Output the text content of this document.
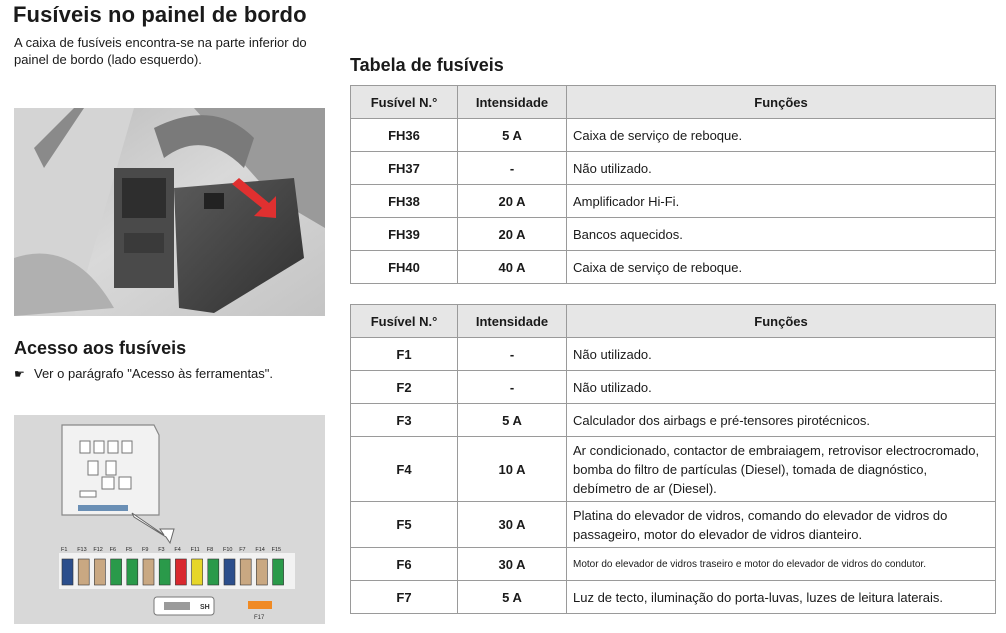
Fusíveis no painel de bordo
A caixa de fusíveis encontra-se na parte inferior do painel de bordo (lado esquerdo).
Acesso aos fusíveis
☛ Ver o parágrafo "Acesso às ferramentas".
F1 F13 F12 F6 F5 F9 F3 F4 F11 F8 F10 F7 F14 F15
SH
F17
Tabela de fusíveis
Fusível N.°	Intensidade	Funções
FH36	5 A	Caixa de serviço de reboque.
FH37	-	Não utilizado.
FH38	20 A	Amplificador Hi-Fi.
FH39	20 A	Bancos aquecidos.
FH40	40 A	Caixa de serviço de reboque.
Fusível N.°	Intensidade	Funções
F1	-	Não utilizado.
F2	-	Não utilizado.
F3	5 A	Calculador dos airbags e pré-tensores pirotécnicos.
F4	10 A	Ar condicionado, contactor de embraiagem, retrovisor electrocromado, bomba do filtro de partículas (Diesel), tomada de diagnóstico, debímetro de ar (Diesel).
F5	30 A	Platina do elevador de vidros, comando do elevador de vidros do passageiro, motor do elevador de vidros dianteiro.
F6	30 A	Motor do elevador de vidros traseiro e motor do elevador de vidros do condutor.
F7	5 A	Luz de tecto, iluminação do porta-luvas, luzes de leitura laterais.
